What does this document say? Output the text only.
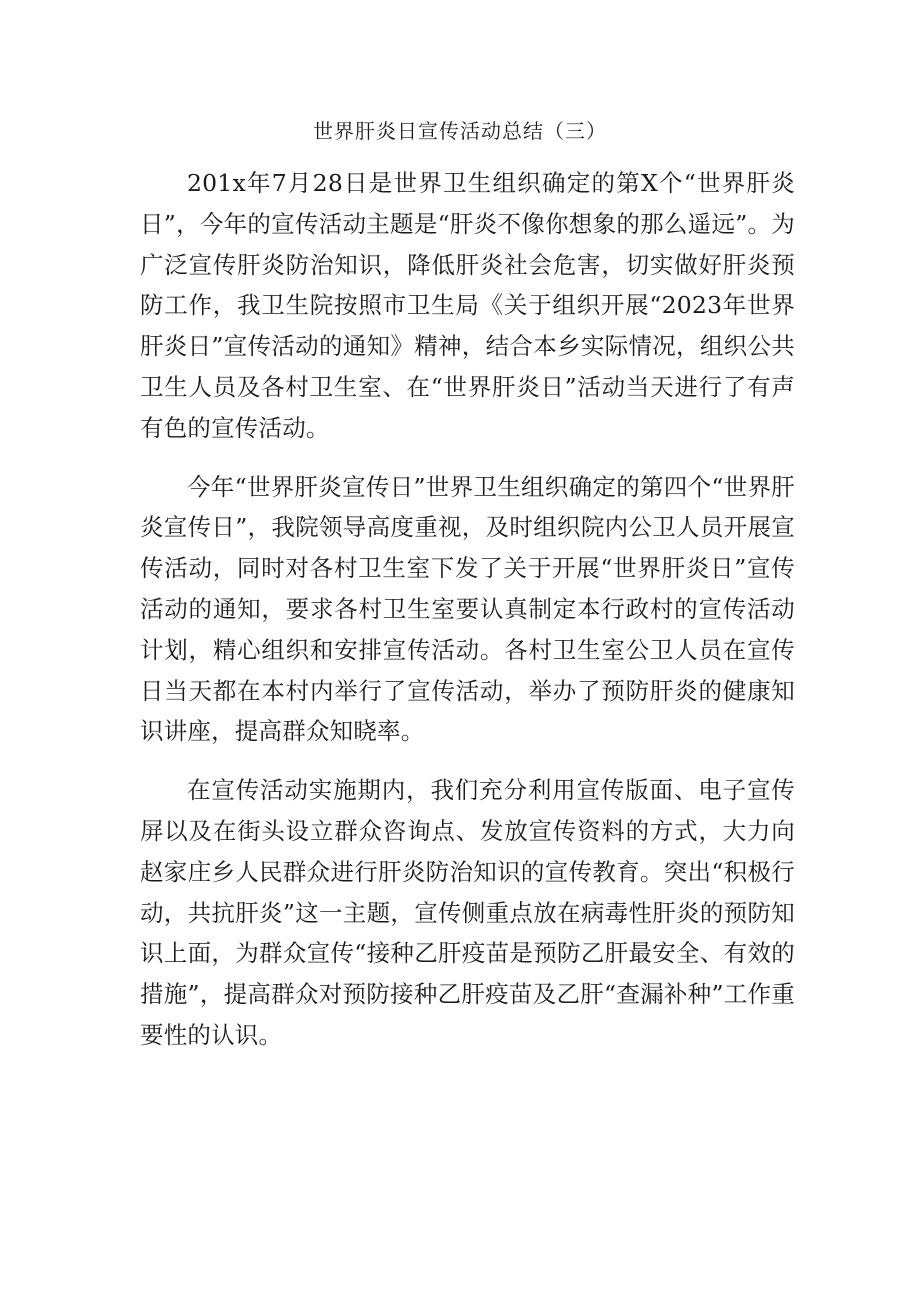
世界肝炎日宣传活动总结（三）

201x年7月28日是世界卫生组织确定的第X个“世界肝炎日”，今年的宣传活动主题是“肝炎不像你想象的那么遥远”。为广泛宣传肝炎防治知识，降低肝炎社会危害，切实做好肝炎预防工作，我卫生院按照市卫生局《关于组织开展“2023年世界肝炎日”宣传活动的通知》精神，结合本乡实际情况，组织公共卫生人员及各村卫生室、在“世界肝炎日”活动当天进行了有声有色的宣传活动。

今年“世界肝炎宣传日”世界卫生组织确定的第四个“世界肝炎宣传日”，我院领导高度重视，及时组织院内公卫人员开展宣传活动，同时对各村卫生室下发了关于开展“世界肝炎日”宣传活动的通知，要求各村卫生室要认真制定本行政村的宣传活动计划，精心组织和安排宣传活动。各村卫生室公卫人员在宣传日当天都在本村内举行了宣传活动，举办了预防肝炎的健康知识讲座，提高群众知晓率。

在宣传活动实施期内，我们充分利用宣传版面、电子宣传屏以及在街头设立群众咨询点、发放宣传资料的方式，大力向赵家庄乡人民群众进行肝炎防治知识的宣传教育。突出“积极行动，共抗肝炎”这一主题，宣传侧重点放在病毒性肝炎的预防知识上面，为群众宣传“接种乙肝疫苗是预防乙肝最安全、有效的措施”，提高群众对预防接种乙肝疫苗及乙肝“查漏补种”工作重要性的认识。
